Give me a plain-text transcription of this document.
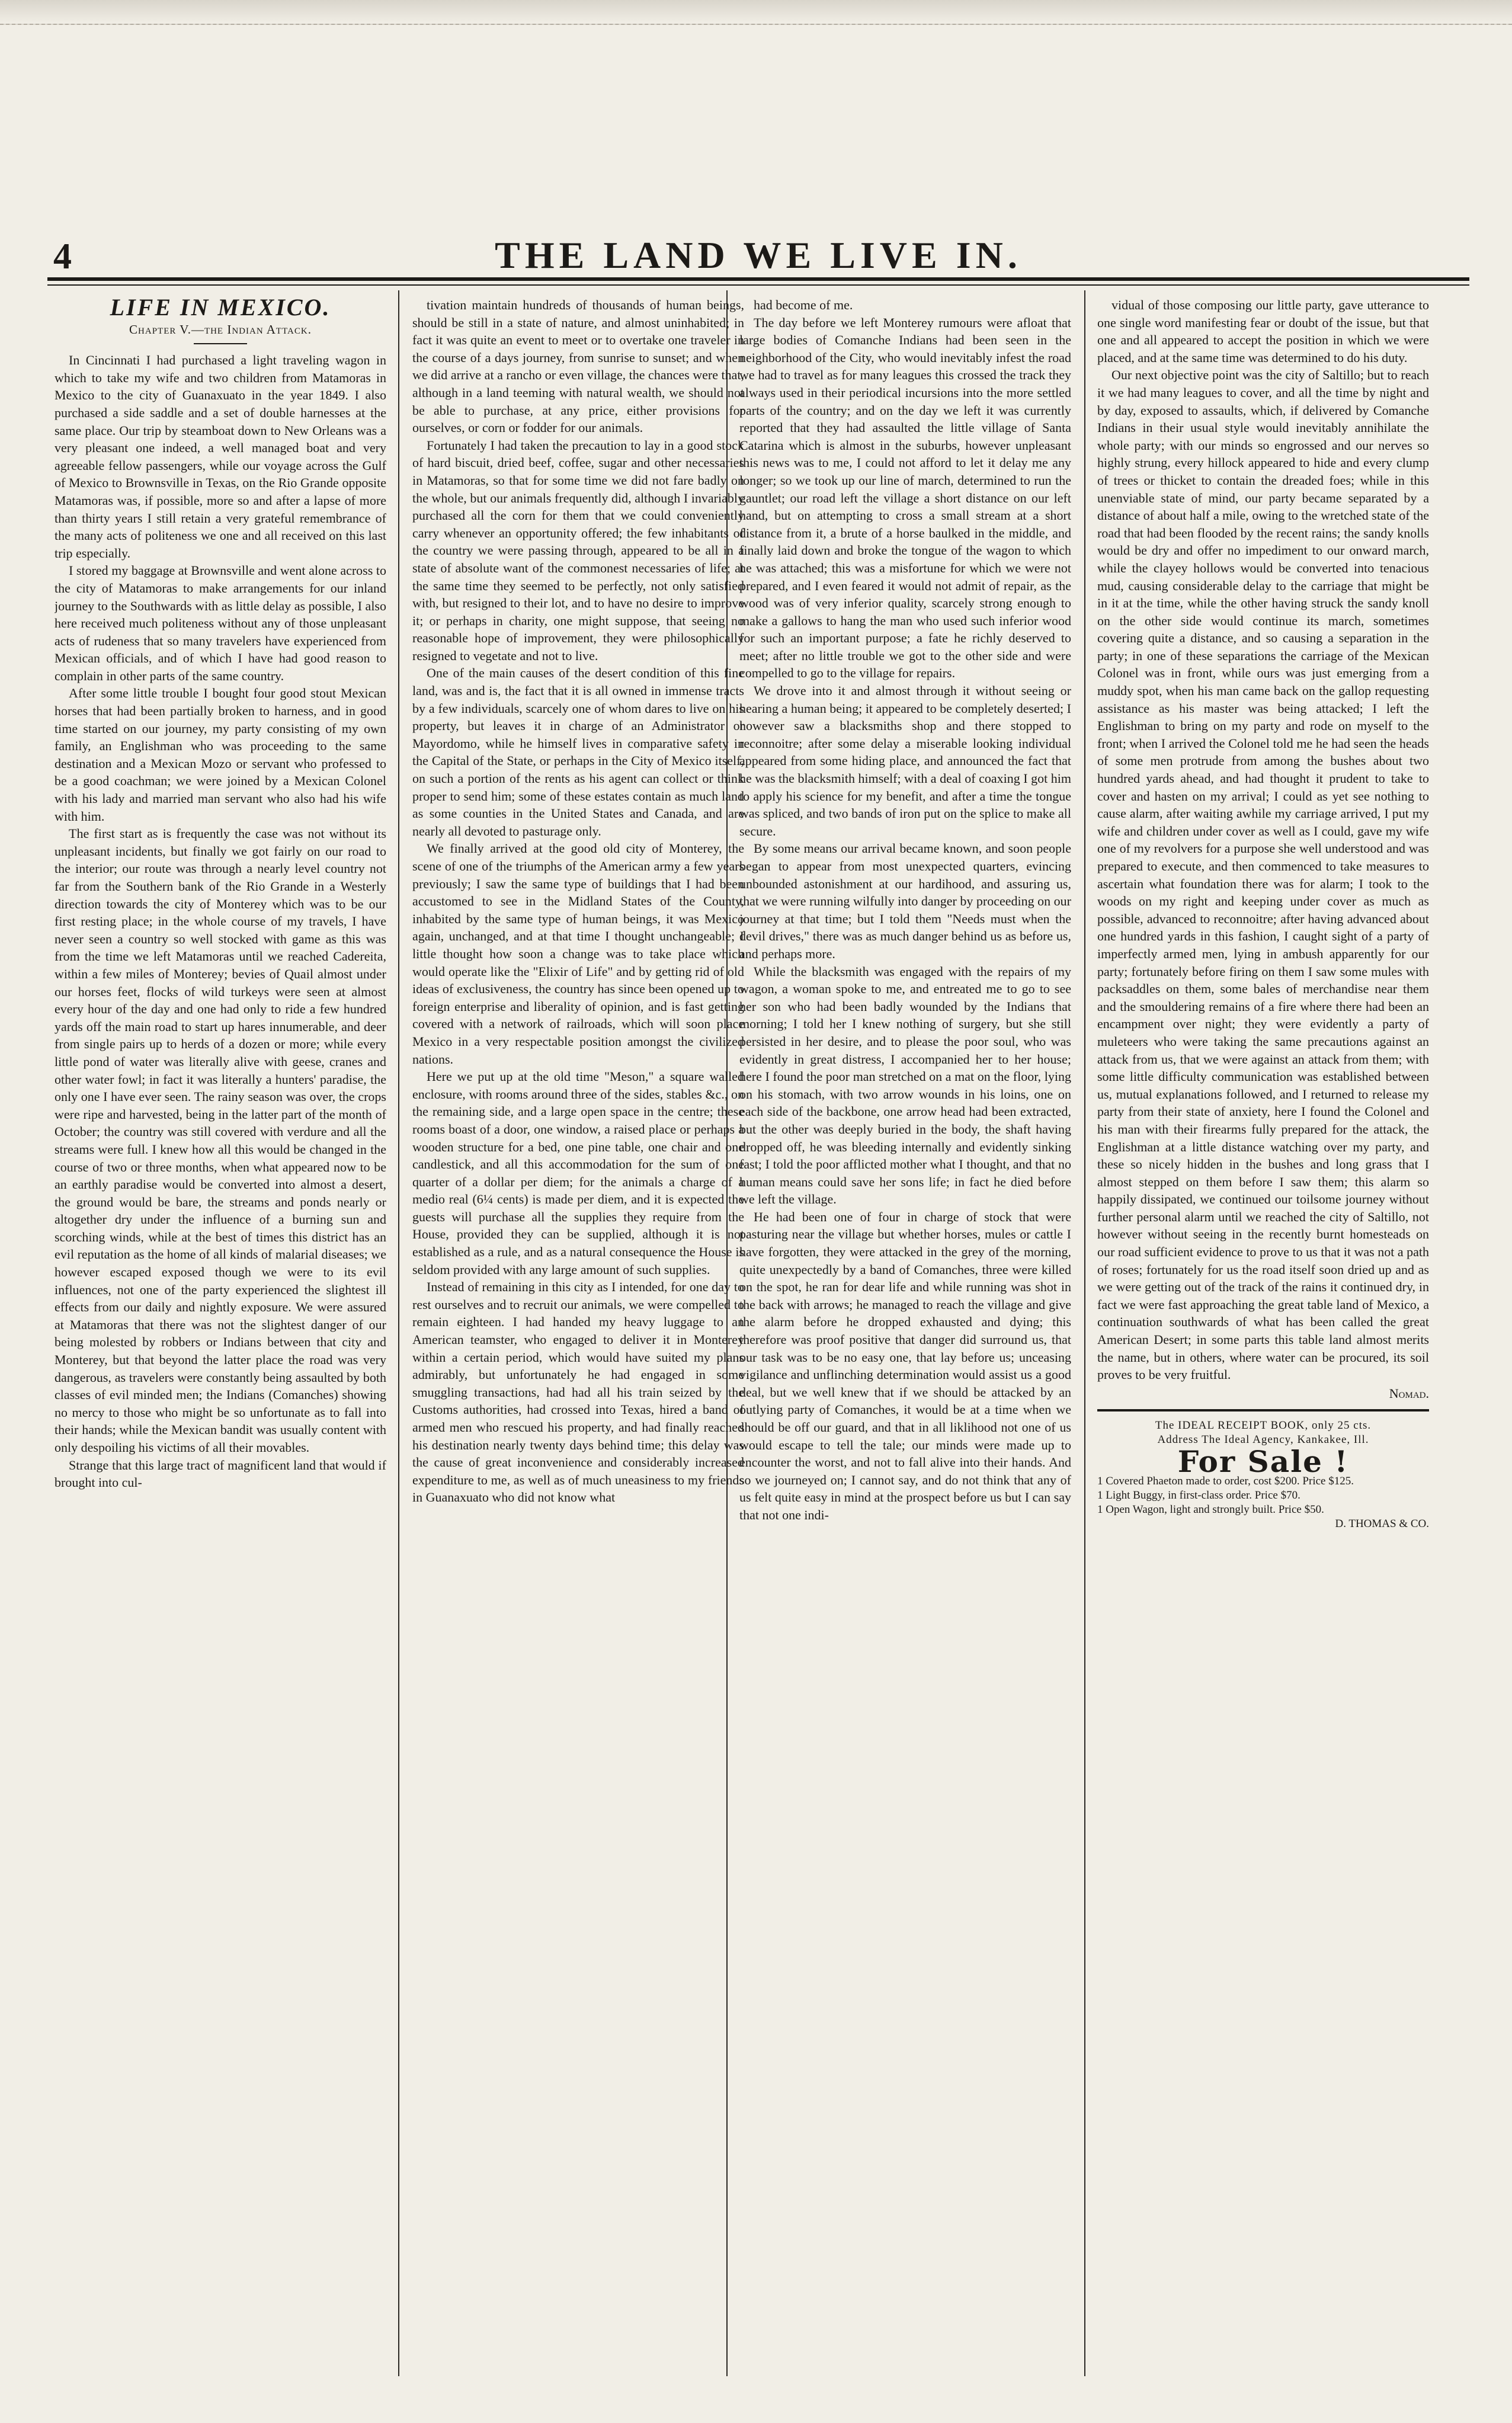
4	THE LAND WE LIVE IN.
LIFE IN MEXICO.
Chapter V.—the Indian Attack.

In Cincinnati I had purchased a light traveling wagon in which to take my wife and two children from Matamoras in Mexico to the city of Guanaxuato in the year 1849. I also purchased a side saddle and a set of double harnesses at the same place. Our trip by steamboat down to New Orleans was a very pleasant one indeed, a well managed boat and very agreeable fellow passengers, while our voyage across the Gulf of Mexico to Brownsville in Texas, on the Rio Grande opposite Matamoras was, if possible, more so and after a lapse of more than thirty years I still retain a very grateful remembrance of the many acts of politeness we one and all received on this last trip especially.

I stored my baggage at Brownsville and went alone across to the city of Matamoras to make arrangements for our inland journey to the Southwards with as little delay as possible, I also here received much politeness without any of those unpleasant acts of rudeness that so many travelers have experienced from Mexican officials, and of which I have had good reason to complain in other parts of the same country.

After some little trouble I bought four good stout Mexican horses that had been partially broken to harness, and in good time started on our journey, my party consisting of my own family, an Englishman who was proceeding to the same destination and a Mexican Mozo or servant who professed to be a good coachman; we were joined by a Mexican Colonel with his lady and married man servant who also had his wife with him.

The first start as is frequently the case was not without its unpleasant incidents, but finally we got fairly on our road to the interior; our route was through a nearly level country not far from the Southern bank of the Rio Grande in a Westerly direction towards the city of Monterey which was to be our first resting place; in the whole course of my travels, I have never seen a country so well stocked with game as this was from the time we left Matamoras until we reached Cadereita, within a few miles of Monterey; bevies of Quail almost under our horses feet, flocks of wild turkeys were seen at almost every hour of the day and one had only to ride a few hundred yards off the main road to start up hares innumerable, and deer from single pairs up to herds of a dozen or more; while every little pond of water was literally alive with geese, cranes and other water fowl; in fact it was literally a hunters' paradise, the only one I have ever seen. The rainy season was over, the crops were ripe and harvested, being in the latter part of the month of October; the country was still covered with verdure and all the streams were full. I knew how all this would be changed in the course of two or three months, when what appeared now to be an earthly paradise would be converted into almost a desert, the ground would be bare, the streams and ponds nearly or altogether dry under the influence of a burning sun and scorching winds, while at the best of times this district has an evil reputation as the home of all kinds of malarial diseases; we however escaped exposed though we were to its evil influences, not one of the party experienced the slightest ill effects from our daily and nightly exposure. We were assured at Matamoras that there was not the slightest danger of our being molested by robbers or Indians between that city and Monterey, but that beyond the latter place the road was very dangerous, as travelers were constantly being assaulted by both classes of evil minded men; the Indians (Comanches) showing no mercy to those who might be so unfortunate as to fall into their hands; while the Mexican bandit was usually content with only despoiling his victims of all their movables.

Strange that this large tract of magnificent land that would if brought into cul-

tivation maintain hundreds of thousands of human beings, should be still in a state of nature, and almost uninhabited; in fact it was quite an event to meet or to overtake one traveler in the course of a days journey, from sunrise to sunset; and when we did arrive at a rancho or even village, the chances were that, although in a land teeming with natural wealth, we should not be able to purchase, at any price, either provisions for ourselves, or corn or fodder for our animals.

Fortunately I had taken the precaution to lay in a good stock of hard biscuit, dried beef, coffee, sugar and other necessaries in Matamoras, so that for some time we did not fare badly on the whole, but our animals frequently did, although I invariably purchased all the corn for them that we could conveniently carry whenever an opportunity offered; the few inhabitants of the country we were passing through, appeared to be all in a state of absolute want of the commonest necessaries of life; at the same time they seemed to be perfectly, not only satisfied with, but resigned to their lot, and to have no desire to improve it; or perhaps in charity, one might suppose, that seeing no reasonable hope of improvement, they were philosophically resigned to vegetate and not to live.

One of the main causes of the desert condition of this fine land, was and is, the fact that it is all owned in immense tracts by a few individuals, scarcely one of whom dares to live on his property, but leaves it in charge of an Administrator or Mayordomo, while he himself lives in comparative safety in the Capital of the State, or perhaps in the City of Mexico itself, on such a portion of the rents as his agent can collect or think proper to send him; some of these estates contain as much land as some counties in the United States and Canada, and are nearly all devoted to pasturage only.

We finally arrived at the good old city of Monterey, the scene of one of the triumphs of the American army a few years previously; I saw the same type of buildings that I had been accustomed to see in the Midland States of the County, inhabited by the same type of human beings, it was Mexico again, unchanged, and at that time I thought unchangeable; I little thought how soon a change was to take place which would operate like the "Elixir of Life" and by getting rid of old ideas of exclusiveness, the country has since been opened up to foreign enterprise and liberality of opinion, and is fast getting covered with a network of railroads, which will soon place Mexico in a very respectable position amongst the civilized nations.

Here we put up at the old time "Meson," a square walled enclosure, with rooms around three of the sides, stables &c., on the remaining side, and a large open space in the centre; these rooms boast of a door, one window, a raised place or perhaps a wooden structure for a bed, one pine table, one chair and one candlestick, and all this accommodation for the sum of one quarter of a dollar per diem; for the animals a charge of a medio real (6¼ cents) is made per diem, and it is expected the guests will purchase all the supplies they require from the House, provided they can be supplied, although it is not established as a rule, and as a natural consequence the House is seldom provided with any large amount of such supplies.

Instead of remaining in this city as I intended, for one day to rest ourselves and to recruit our animals, we were compelled to remain eighteen. I had handed my heavy luggage to an American teamster, who engaged to deliver it in Monterey within a certain period, which would have suited my plans admirably, but unfortunately he had engaged in some smuggling transactions, had had all his train seized by the Customs authorities, had crossed into Texas, hired a band of armed men who rescued his property, and had finally reached his destination nearly twenty days behind time; this delay was the cause of great inconvenience and considerably increased expenditure to me, as well as of much uneasiness to my friends in Guanaxuato who did not know what

had become of me.

The day before we left Monterey rumours were afloat that large bodies of Comanche Indians had been seen in the neighborhood of the City, who would inevitably infest the road we had to travel as for many leagues this crossed the track they always used in their periodical incursions into the more settled parts of the country; and on the day we left it was currently reported that they had assaulted the little village of Santa Catarina which is almost in the suburbs, however unpleasant this news was to me, I could not afford to let it delay me any longer; so we took up our line of march, determined to run the gauntlet; our road left the village a short distance on our left hand, but on attempting to cross a small stream at a short distance from it, a brute of a horse baulked in the middle, and finally laid down and broke the tongue of the wagon to which he was attached; this was a misfortune for which we were not prepared, and I even feared it would not admit of repair, as the wood was of very inferior quality, scarcely strong enough to make a gallows to hang the man who used such inferior wood for such an important purpose; a fate he richly deserved to meet; after no little trouble we got to the other side and were compelled to go to the village for repairs.

We drove into it and almost through it without seeing or hearing a human being; it appeared to be completely deserted; I however saw a blacksmiths shop and there stopped to reconnoitre; after some delay a miserable looking individual appeared from some hiding place, and announced the fact that he was the blacksmith himself; with a deal of coaxing I got him to apply his science for my benefit, and after a time the tongue was spliced, and two bands of iron put on the splice to make all secure.

By some means our arrival became known, and soon people began to appear from most unexpected quarters, evincing unbounded astonishment at our hardihood, and assuring us, that we were running wilfully into danger by proceeding on our journey at that time; but I told them "Needs must when the devil drives," there was as much danger behind us as before us, and perhaps more.

While the blacksmith was engaged with the repairs of my wagon, a woman spoke to me, and entreated me to go to see her son who had been badly wounded by the Indians that morning; I told her I knew nothing of surgery, but she still persisted in her desire, and to please the poor soul, who was evidently in great distress, I accompanied her to her house; here I found the poor man stretched on a mat on the floor, lying on his stomach, with two arrow wounds in his loins, one on each side of the backbone, one arrow head had been extracted, but the other was deeply buried in the body, the shaft having dropped off, he was bleeding internally and evidently sinking fast; I told the poor afflicted mother what I thought, and that no human means could save her sons life; in fact he died before we left the village.

He had been one of four in charge of stock that were pasturing near the village but whether horses, mules or cattle I have forgotten, they were attacked in the grey of the morning, quite unexpectedly by a band of Comanches, three were killed on the spot, he ran for dear life and while running was shot in the back with arrows; he managed to reach the village and give the alarm before he dropped exhausted and dying; this therefore was proof positive that danger did surround us, that our task was to be no easy one, that lay before us; unceasing vigilance and unflinching determination would assist us a good deal, but we well knew that if we should be attacked by an outlying party of Comanches, it would be at a time when we should be off our guard, and that in all liklihood not one of us would escape to tell the tale; our minds were made up to encounter the worst, and not to fall alive into their hands. And so we journeyed on; I cannot say, and do not think that any of us felt quite easy in mind at the prospect before us but I can say that not one indi-

vidual of those composing our little party, gave utterance to one single word manifesting fear or doubt of the issue, but that one and all appeared to accept the position in which we were placed, and at the same time was determined to do his duty.

Our next objective point was the city of Saltillo; but to reach it we had many leagues to cover, and all the time by night and by day, exposed to assaults, which, if delivered by Comanche Indians in their usual style would inevitably annihilate the whole party; with our minds so engrossed and our nerves so highly strung, every hillock appeared to hide and every clump of trees or thicket to contain the dreaded foes; while in this unenviable state of mind, our party became separated by a distance of about half a mile, owing to the wretched state of the road that had been flooded by the recent rains; the sandy knolls would be dry and offer no impediment to our onward march, while the clayey hollows would be converted into tenacious mud, causing considerable delay to the carriage that might be in it at the time, while the other having struck the sandy knoll on the other side would continue its march, sometimes covering quite a distance, and so causing a separation in the party; in one of these separations the carriage of the Mexican Colonel was in front, while ours was just emerging from a muddy spot, when his man came back on the gallop requesting assistance as his master was being attacked; I left the Englishman to bring on my party and rode on myself to the front; when I arrived the Colonel told me he had seen the heads of some men protrude from among the bushes about two hundred yards ahead, and had thought it prudent to take to cover and hasten on my arrival; I could as yet see nothing to cause alarm, after waiting awhile my carriage arrived, I put my wife and children under cover as well as I could, gave my wife one of my revolvers for a purpose she well understood and was prepared to execute, and then commenced to take measures to ascertain what foundation there was for alarm; I took to the woods on my right and keeping under cover as much as possible, advanced to reconnoitre; after having advanced about one hundred yards in this fashion, I caught sight of a party of imperfectly armed men, lying in ambush apparently for our party; fortunately before firing on them I saw some mules with packsaddles on them, some bales of merchandise near them and the smouldering remains of a fire where there had been an encampment over night; they were evidently a party of muleteers who were taking the same precautions against an attack from us, that we were against an attack from them; with some little difficulty communication was established between us, mutual explanations followed, and I returned to release my party from their state of anxiety, here I found the Colonel and his man with their firearms fully prepared for the attack, the Englishman at a little distance watching over my party, and these so nicely hidden in the bushes and long grass that I almost stepped on them before I saw them; this alarm so happily dissipated, we continued our toilsome journey without further personal alarm until we reached the city of Saltillo, not however without seeing in the recently burnt homesteads on our road sufficient evidence to prove to us that it was not a path of roses; fortunately for us the road itself soon dried up and as we were getting out of the track of the rains it continued dry, in fact we were fast approaching the great table land of Mexico, a continuation southwards of what has been called the great American Desert; in some parts this table land almost merits the name, but in others, where water can be procured, its soil proves to be very fruitful.

Nomad.

The IDEAL RECEIPT BOOK, only 25 cts.

Address The Ideal Agency, Kankakee, Ill.

For Sale !

1 Covered Phaeton made to order, cost $200. Price $125.

1 Light Buggy, in first-class order. Price $70.

1 Open Wagon, light and strongly built. Price $50.

D. THOMAS & CO.
